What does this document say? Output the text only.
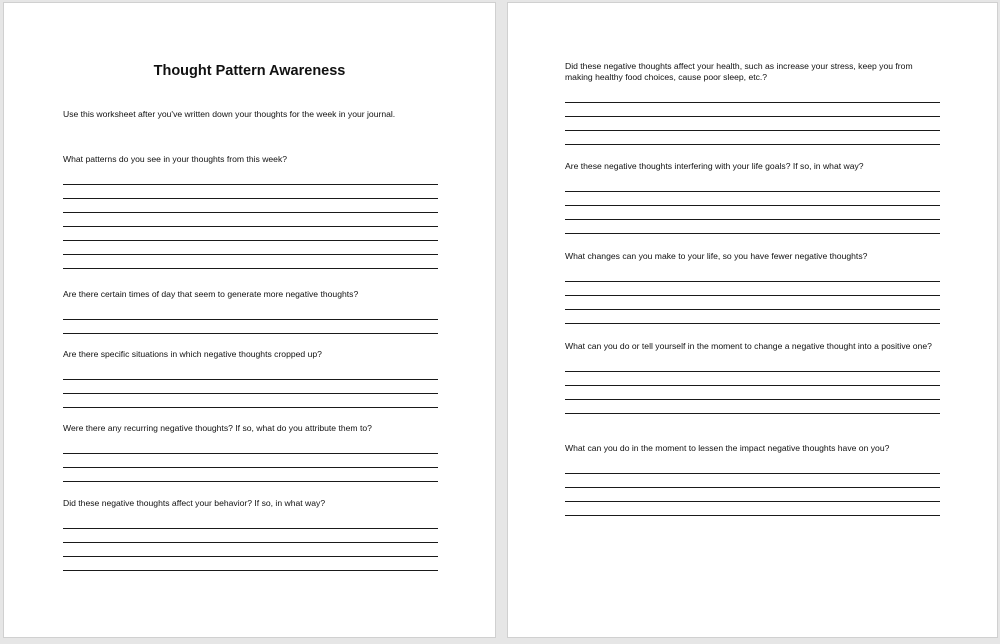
Thought Pattern Awareness

Use this worksheet after you've written down your thoughts for the week in your journal.

What patterns do you see in your thoughts from this week?

Are there certain times of day that seem to generate more negative thoughts?

Are there specific situations in which negative thoughts cropped up?

Were there any recurring negative thoughts? If so, what do you attribute them to?

Did these negative thoughts affect your behavior? If so, in what way?

Did these negative thoughts affect your health, such as increase your stress, keep you from making healthy food choices, cause poor sleep, etc.?

Are these negative thoughts interfering with your life goals? If so, in what way?

What changes can you make to your life, so you have fewer negative thoughts?

What can you do or tell yourself in the moment to change a negative thought into a positive one?

What can you do in the moment to lessen the impact negative thoughts have on you?
